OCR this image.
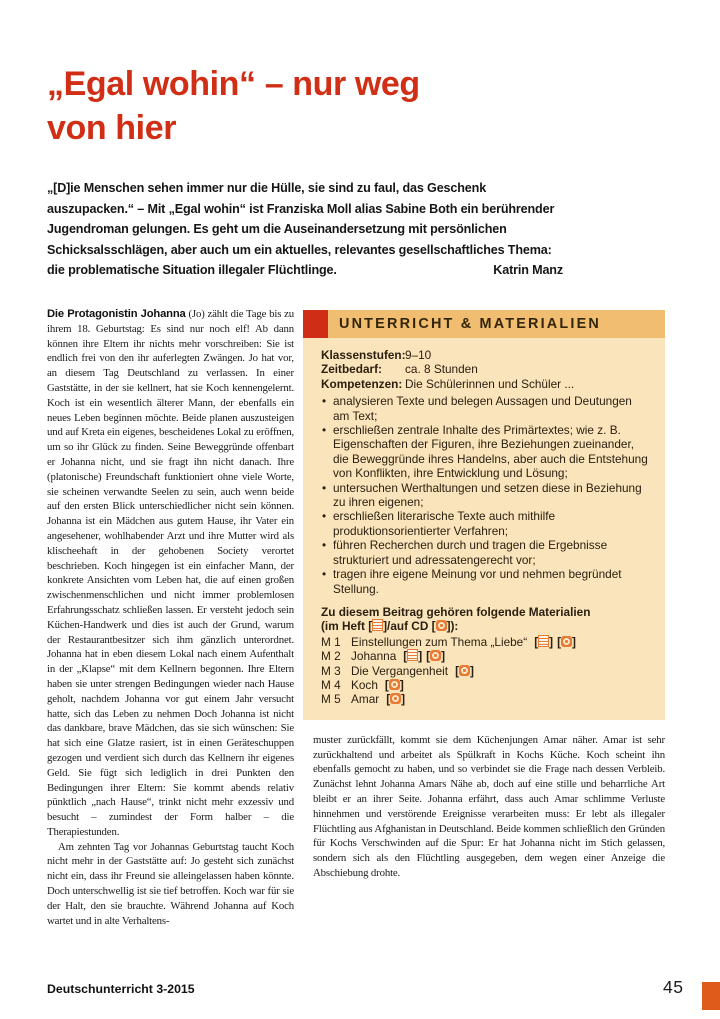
„Egal wohin“ – nur weg
von hier
„[D]ie Menschen sehen immer nur die Hülle, sie sind zu faul, das Geschenk auszupacken.“ – Mit „Egal wohin“ ist Franziska Moll alias Sabine Both ein berührender Jugendroman gelungen. Es geht um die Auseinandersetzung mit persönlichen Schicksalsschlägen, aber auch um ein aktuelles, relevantes gesellschaftliches Thema: die problematische Situation illegaler Flüchtlinge.	Katrin Manz

Die Protagonistin Johanna (Jo) zählt die Tage bis zu ihrem 18. Geburtstag: Es sind nur noch elf! Ab dann können ihre Eltern ihr nichts mehr vorschreiben: Sie ist endlich frei von den ihr auferlegten Zwängen. Jo hat vor, an diesem Tag Deutschland zu verlassen. In einer Gaststätte, in der sie kellnert, hat sie Koch kennengelernt. Koch ist ein wesentlich älterer Mann, der ebenfalls ein neues Leben beginnen möchte. Beide planen auszusteigen und auf Kreta ein eigenes, bescheidenes Lokal zu eröffnen, um so ihr Glück zu finden. Seine Beweggründe offenbart er Johanna nicht, und sie fragt ihn nicht danach. Ihre (platonische) Freundschaft funktioniert ohne viele Worte, sie scheinen verwandte Seelen zu sein, auch wenn beide auf den ersten Blick unterschiedlicher nicht sein können. Johanna ist ein Mädchen aus gutem Hause, ihr Vater ein angesehener, wohlhabender Arzt und ihre Mutter wird als klischeehaft in der gehobenen Society verortet beschrieben. Koch hingegen ist ein einfacher Mann, der konkrete Ansichten vom Leben hat, die auf einen großen zwischenmenschlichen und nicht immer problemlosen Erfahrungsschatz schließen lassen. Er versteht jedoch sein Küchen-Handwerk und dies ist auch der Grund, warum der Restaurantbesitzer sich ihm gänzlich unterordnet. Johanna hat in eben diesem Lokal nach einem Aufenthalt in der „Klapse“ mit dem Kellnern begonnen. Ihre Eltern haben sie unter strengen Bedingungen wieder nach Hause geholt, nachdem Johanna vor gut einem Jahr versucht hatte, sich das Leben zu nehmen Doch Johanna ist nicht das dankbare, brave Mädchen, das sie sich wünschen: Sie hat sich eine Glatze rasiert, ist in einen Geräteschuppen gezogen und verdient sich durch das Kellnern ihr eigenes Geld. Sie fügt sich lediglich in drei Punkten den Bedingungen ihrer Eltern: Sie kommt abends relativ pünktlich „nach Hause“, trinkt nicht mehr exzessiv und besucht – zumindest der Form halber – die Therapiestunden.

Am zehnten Tag vor Johannas Geburtstag taucht Koch nicht mehr in der Gaststätte auf: Jo gesteht sich zunächst nicht ein, dass ihr Freund sie alleingelassen haben könnte. Doch unterschwellig ist sie tief betroffen. Koch war für sie der Halt, den sie brauchte. Während Johanna auf Koch wartet und in alte Verhaltens-

UNTERRICHT & MATERIALIEN
Klassenstufen: 9–10
Zeitbedarf:	ca. 8 Stunden
Kompetenzen: Die Schülerinnen und Schüler ...
• analysieren Texte und belegen Aussagen und Deutungen am Text;
• erschließen zentrale Inhalte des Primärtextes; wie z. B. Eigenschaften der Figuren, ihre Beziehungen zueinander, die Beweggründe ihres Handelns, aber auch die Entstehung von Konflikten, ihre Entwicklung und Lösung;
• untersuchen Werthaltungen und setzen diese in Beziehung zu ihren eigenen;
• erschließen literarische Texte auch mithilfe produktionsorientierter Verfahren;
• führen Recherchen durch und tragen die Ergebnisse strukturiert und adressatengerecht vor;
• tragen ihre eigene Meinung vor und nehmen begründet Stellung.
Zu diesem Beitrag gehören folgende Materialien
(im Heft [ ]/auf CD [ ]):
M 1 Einstellungen zum Thema „Liebe“ [ ] [ ]
M 2 Johanna [ ] [ ]
M 3 Die Vergangenheit [ ]
M 4 Koch [ ]
M 5 Amar [ ]

muster zurückfällt, kommt sie dem Küchenjungen Amar näher. Amar ist sehr zurückhaltend und arbeitet als Spülkraft in Kochs Küche. Koch scheint ihn ebenfalls gemocht zu haben, und so verbindet sie die Frage nach dessen Verbleib. Zunächst lehnt Johanna Amars Nähe ab, doch auf eine stille und beharrliche Art bleibt er an ihrer Seite. Johanna erfährt, dass auch Amar schlimme Verluste hinnehmen und verstörende Ereignisse verarbeiten muss: Er lebt als illegaler Flüchtling aus Afghanistan in Deutschland. Beide kommen schließlich den Gründen für Kochs Verschwinden auf die Spur: Er hat Johanna nicht im Stich gelassen, sondern sich als den Flüchtling ausgegeben, dem wegen einer Anzeige die Abschiebung drohte.

Deutschunterricht 3-2015	45
